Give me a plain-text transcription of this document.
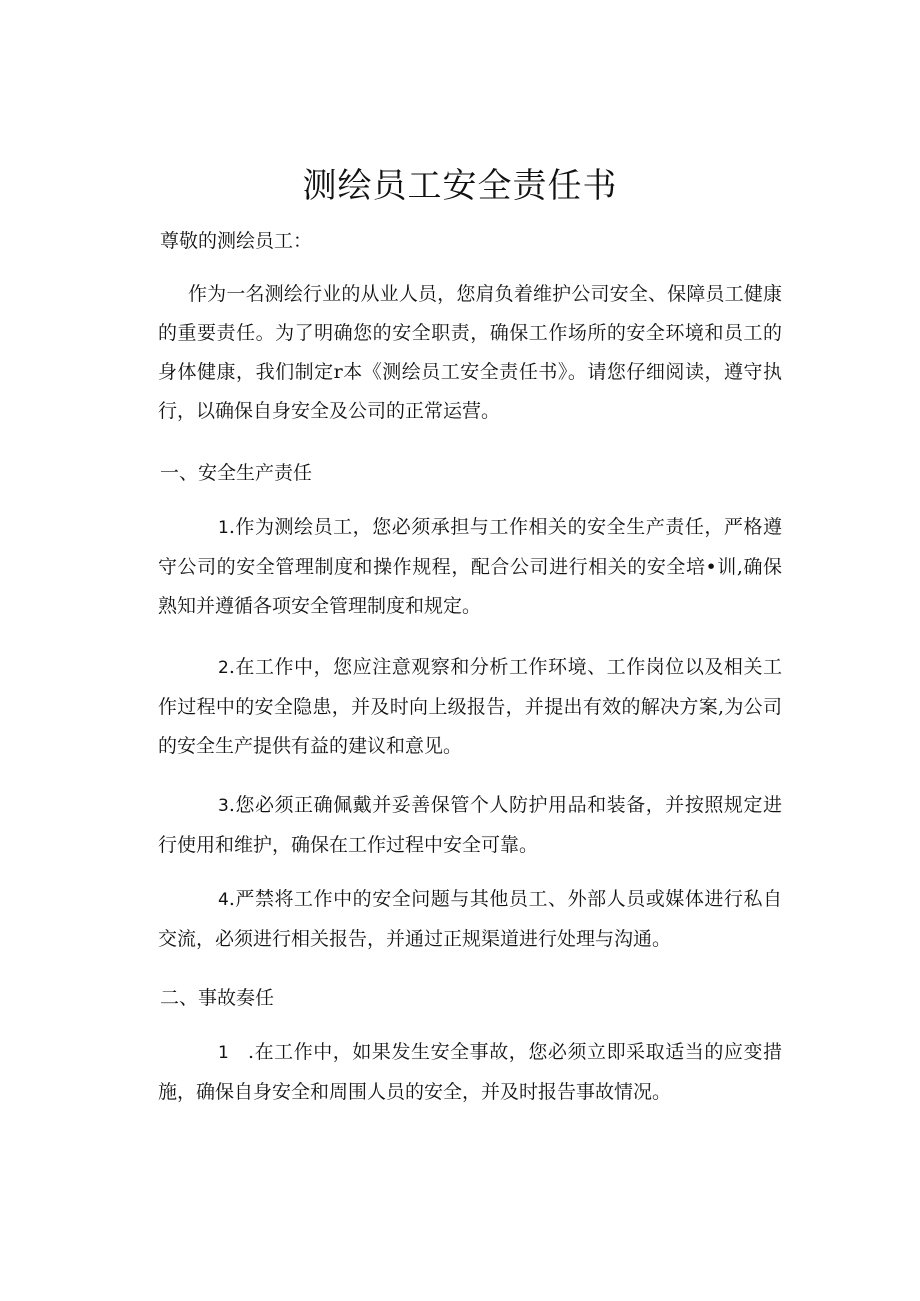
测绘员工安全责任书

尊敬的测绘员工：

作为一名测绘行业的从业人员，您肩负着维护公司安全、保障员工健康的重要责任。为了明确您的安全职责，确保工作场所的安全环境和员工的身体健康，我们制定r本《测绘员工安全责任书》。请您仔细阅读，遵守执行，以确保自身安全及公司的正常运营。

一、安全生产责任

1.作为测绘员工，您必须承担与工作相关的安全生产责任，严格遵守公司的安全管理制度和操作规程，配合公司进行相关的安全培•训,确保熟知并遵循各项安全管理制度和规定。

2.在工作中，您应注意观察和分析工作环境、工作岗位以及相关工作过程中的安全隐患，并及时向上级报告，并提出有效的解决方案,为公司的安全生产提供有益的建议和意见。

3.您必须正确佩戴并妥善保管个人防护用品和装备，并按照规定进行使用和维护，确保在工作过程中安全可靠。

4.严禁将工作中的安全问题与其他员工、外部人员或媒体进行私自交流，必须进行相关报告，并通过正规渠道进行处理与沟通。

二、事故奏任

1 .在工作中，如果发生安全事故，您必须立即采取适当的应变措施，确保自身安全和周围人员的安全，并及时报告事故情况。
